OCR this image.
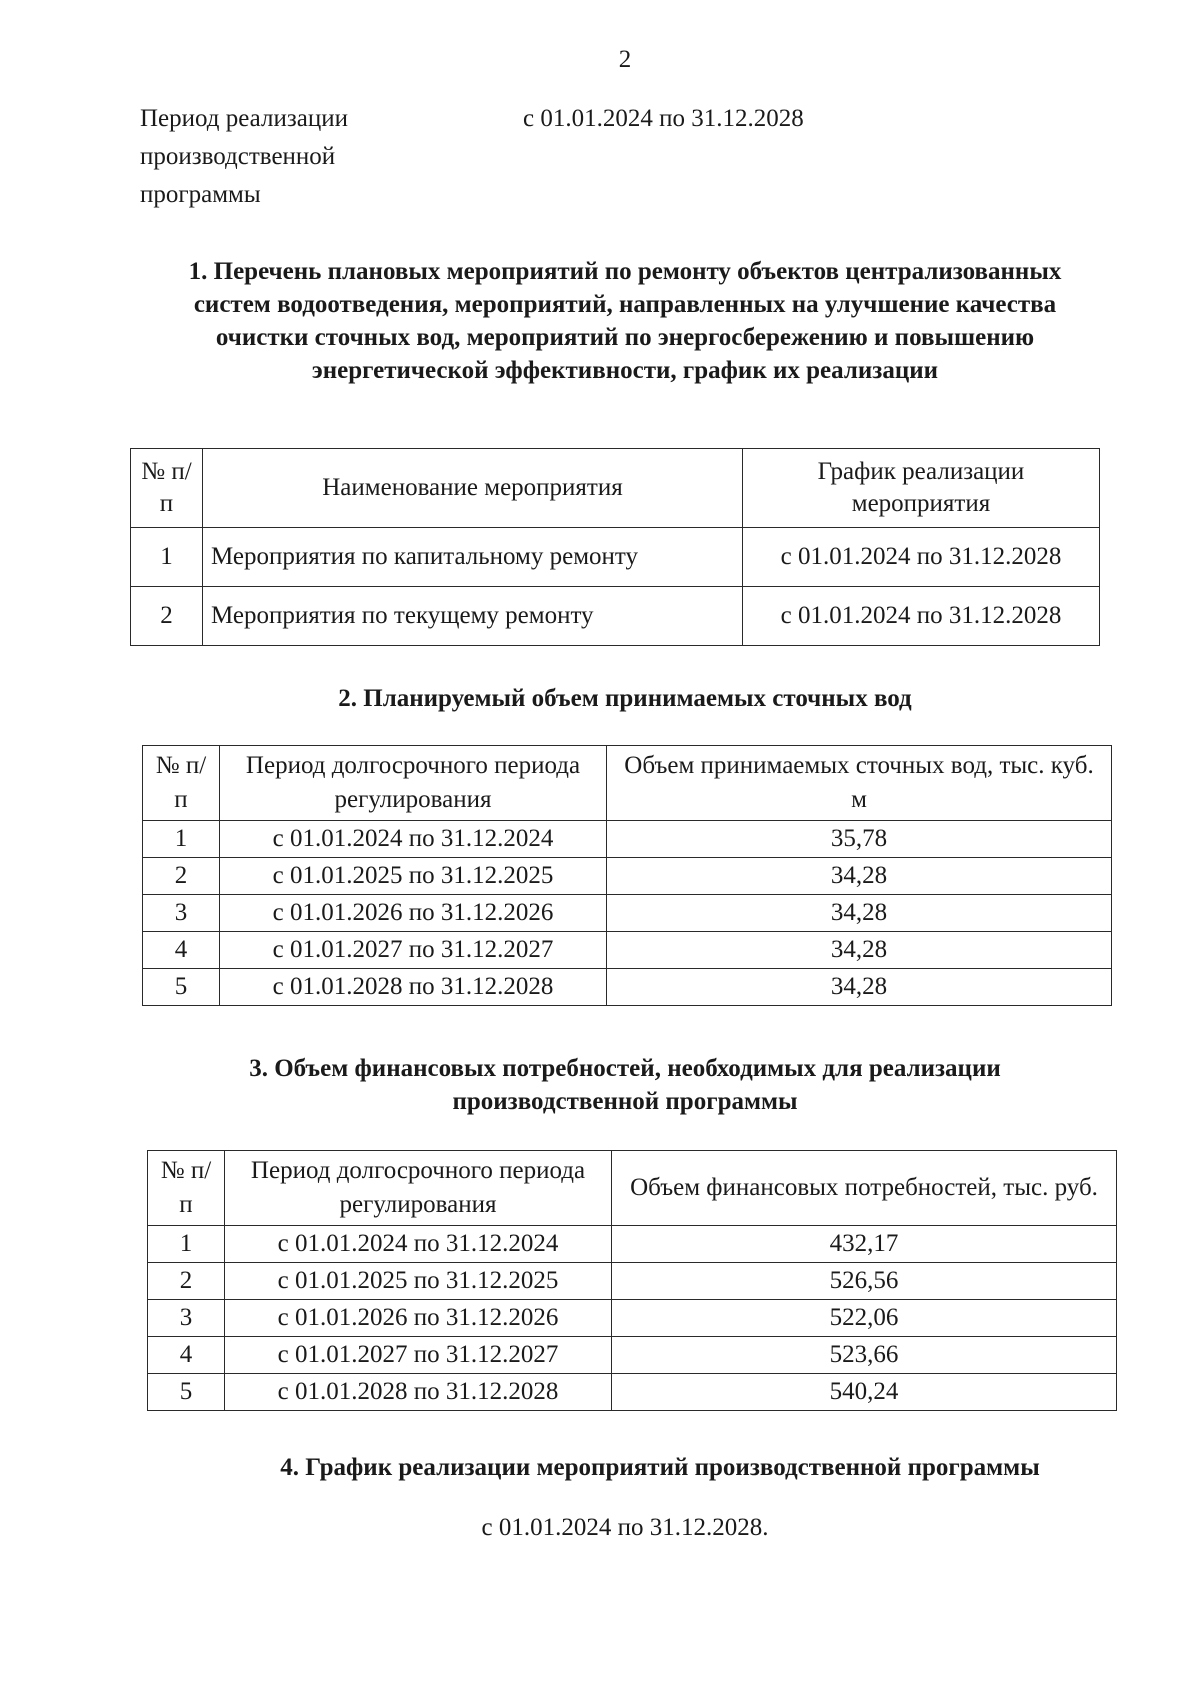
2
Период реализации производственной программы
с 01.01.2024 по 31.12.2028
1. Перечень плановых мероприятий по ремонту объектов централизованных систем водоотведения, мероприятий, направленных на улучшение качества очистки сточных вод, мероприятий по энергосбережению и повышению энергетической эффективности, график их реализации
№ п/п	Наименование мероприятия	График реализации мероприятия
1	Мероприятия по капитальному ремонту	с 01.01.2024 по 31.12.2028
2	Мероприятия по текущему ремонту	с 01.01.2024 по 31.12.2028
2. Планируемый объем принимаемых сточных вод
№ п/п	Период долгосрочного периода регулирования	Объем принимаемых сточных вод, тыс. куб. м
1	с 01.01.2024 по 31.12.2024	35,78
2	с 01.01.2025 по 31.12.2025	34,28
3	с 01.01.2026 по 31.12.2026	34,28
4	с 01.01.2027 по 31.12.2027	34,28
5	с 01.01.2028 по 31.12.2028	34,28
3. Объем финансовых потребностей, необходимых для реализации производственной программы
№ п/п	Период долгосрочного периода регулирования	Объем финансовых потребностей, тыс. руб.
1	с 01.01.2024 по 31.12.2024	432,17
2	с 01.01.2025 по 31.12.2025	526,56
3	с 01.01.2026 по 31.12.2026	522,06
4	с 01.01.2027 по 31.12.2027	523,66
5	с 01.01.2028 по 31.12.2028	540,24
4. График реализации мероприятий производственной программы
с 01.01.2024 по 31.12.2028.
